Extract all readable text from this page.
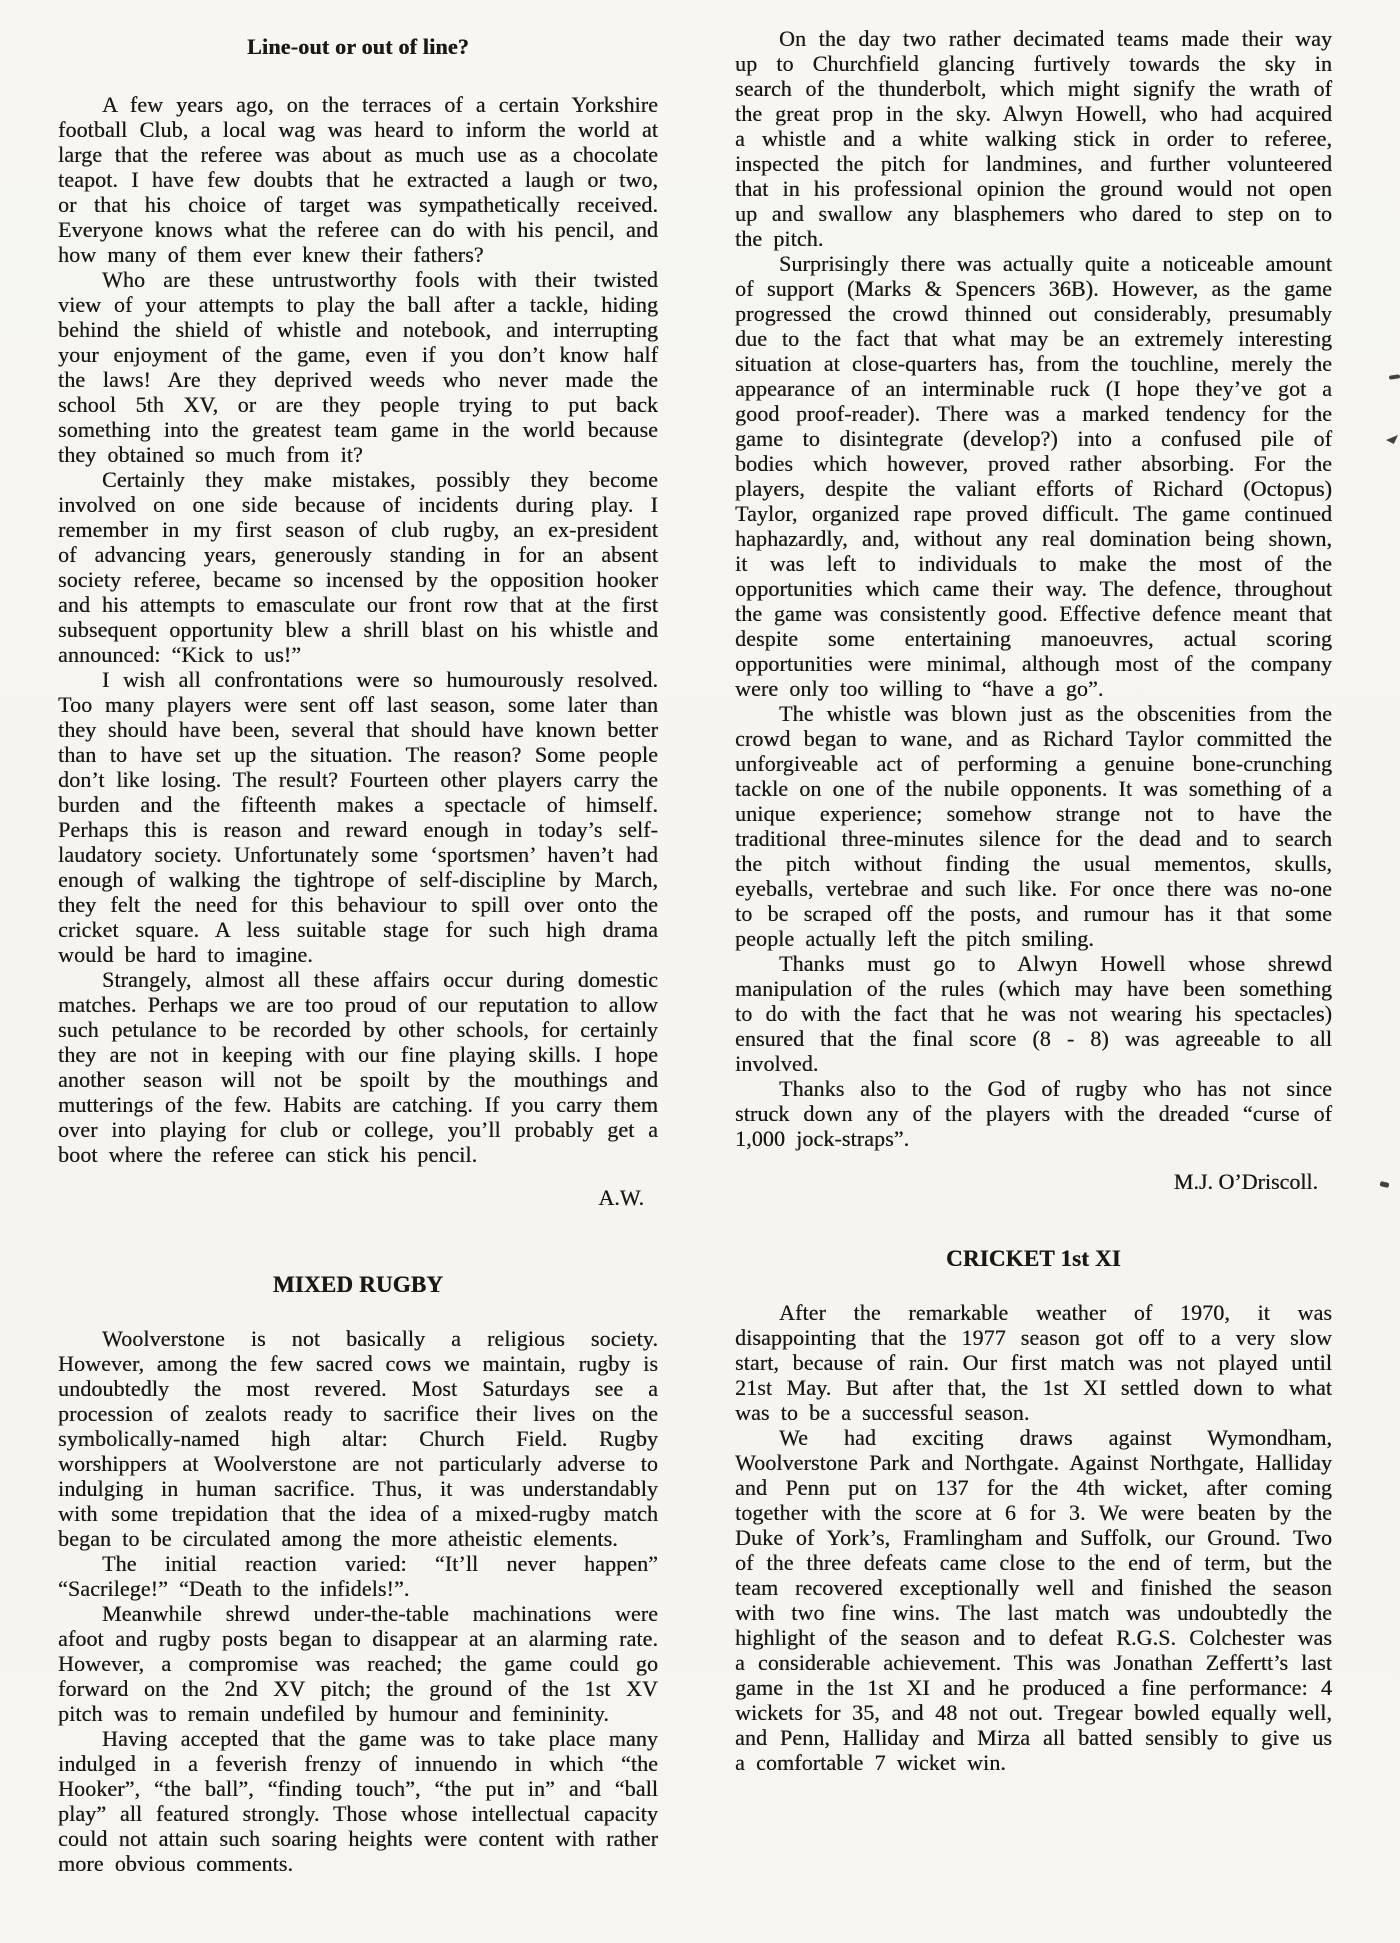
Line-out or out of line?

A few years ago, on the terraces of a certain Yorkshire football Club, a local wag was heard to inform the world at large that the referee was about as much use as a chocolate teapot. I have few doubts that he extracted a laugh or two, or that his choice of target was sympathetically received. Everyone knows what the referee can do with his pencil, and how many of them ever knew their fathers?

Who are these untrustworthy fools with their twisted view of your attempts to play the ball after a tackle, hiding behind the shield of whistle and notebook, and interrupting your enjoyment of the game, even if you don’t know half the laws! Are they deprived weeds who never made the school 5th XV, or are they people trying to put back something into the greatest team game in the world because they obtained so much from it?

Certainly they make mistakes, possibly they become involved on one side because of incidents during play. I remember in my first season of club rugby, an ex-president of advancing years, generously standing in for an absent society referee, became so incensed by the opposition hooker and his attempts to emasculate our front row that at the first subsequent opportunity blew a shrill blast on his whistle and announced: “Kick to us!”

I wish all confrontations were so humourously resolved. Too many players were sent off last season, some later than they should have been, several that should have known better than to have set up the situation. The reason? Some people don’t like losing. The result? Fourteen other players carry the burden and the fifteenth makes a spectacle of himself. Perhaps this is reason and reward enough in today’s self-laudatory society. Unfortunately some ‘sportsmen’ haven’t had enough of walking the tightrope of self-discipline by March, they felt the need for this behaviour to spill over onto the cricket square. A less suitable stage for such high drama would be hard to imagine.

Strangely, almost all these affairs occur during domestic matches. Perhaps we are too proud of our reputation to allow such petulance to be recorded by other schools, for certainly they are not in keeping with our fine playing skills. I hope another season will not be spoilt by the mouthings and mutterings of the few. Habits are catching. If you carry them over into playing for club or college, you’ll probably get a boot where the referee can stick his pencil.

A.W.
MIXED RUGBY

Woolverstone is not basically a religious society. However, among the few sacred cows we maintain, rugby is undoubtedly the most revered. Most Saturdays see a procession of zealots ready to sacrifice their lives on the symbolically-named high altar: Church Field. Rugby worshippers at Woolverstone are not particularly adverse to indulging in human sacrifice. Thus, it was understandably with some trepidation that the idea of a mixed-rugby match began to be circulated among the more atheistic elements.

The initial reaction varied: “It’ll never happen” “Sacrilege!” “Death to the infidels!”.

Meanwhile shrewd under-the-table machinations were afoot and rugby posts began to disappear at an alarming rate. However, a compromise was reached; the game could go forward on the 2nd XV pitch; the ground of the 1st XV pitch was to remain undefiled by humour and femininity.

Having accepted that the game was to take place many indulged in a feverish frenzy of innuendo in which “the Hooker”, “the ball”, “finding touch”, “the put in” and “ball play” all featured strongly. Those whose intellectual capacity could not attain such soaring heights were content with rather more obvious comments.

On the day two rather decimated teams made their way up to Churchfield glancing furtively towards the sky in search of the thunderbolt, which might signify the wrath of the great prop in the sky. Alwyn Howell, who had acquired a whistle and a white walking stick in order to referee, inspected the pitch for landmines, and further volunteered that in his professional opinion the ground would not open up and swallow any blasphemers who dared to step on to the pitch.

Surprisingly there was actually quite a noticeable amount of support (Marks & Spencers 36B). However, as the game progressed the crowd thinned out considerably, presumably due to the fact that what may be an extremely interesting situation at close-quarters has, from the touchline, merely the appearance of an interminable ruck (I hope they’ve got a good proof-reader). There was a marked tendency for the game to disintegrate (develop?) into a confused pile of bodies which however, proved rather absorbing. For the players, despite the valiant efforts of Richard (Octopus) Taylor, organized rape proved difficult. The game continued haphazardly, and, without any real domination being shown, it was left to individuals to make the most of the opportunities which came their way. The defence, throughout the game was consistently good. Effective defence meant that despite some entertaining manoeuvres, actual scoring opportunities were minimal, although most of the company were only too willing to “have a go”.

The whistle was blown just as the obscenities from the crowd began to wane, and as Richard Taylor committed the unforgiveable act of performing a genuine bone-crunching tackle on one of the nubile opponents. It was something of a unique experience; somehow strange not to have the traditional three-minutes silence for the dead and to search the pitch without finding the usual mementos, skulls, eyeballs, vertebrae and such like. For once there was no-one to be scraped off the posts, and rumour has it that some people actually left the pitch smiling.

Thanks must go to Alwyn Howell whose shrewd manipulation of the rules (which may have been something to do with the fact that he was not wearing his spectacles) ensured that the final score (8 - 8) was agreeable to all involved.

Thanks also to the God of rugby who has not since struck down any of the players with the dreaded “curse of 1,000 jock-straps”.

M.J. O’Driscoll.
CRICKET 1st XI

After the remarkable weather of 1970, it was disappointing that the 1977 season got off to a very slow start, because of rain. Our first match was not played until 21st May. But after that, the 1st XI settled down to what was to be a successful season.

We had exciting draws against Wymondham, Woolverstone Park and Northgate. Against Northgate, Halliday and Penn put on 137 for the 4th wicket, after coming together with the score at 6 for 3. We were beaten by the Duke of York’s, Framlingham and Suffolk, our Ground. Two of the three defeats came close to the end of term, but the team recovered exceptionally well and finished the season with two fine wins. The last match was undoubtedly the highlight of the season and to defeat R.G.S. Colchester was a considerable achievement. This was Jonathan Zeffertt’s last game in the 1st XI and he produced a fine performance: 4 wickets for 35, and 48 not out. Tregear bowled equally well, and Penn, Halliday and Mirza all batted sensibly to give us a comfortable 7 wicket win.
